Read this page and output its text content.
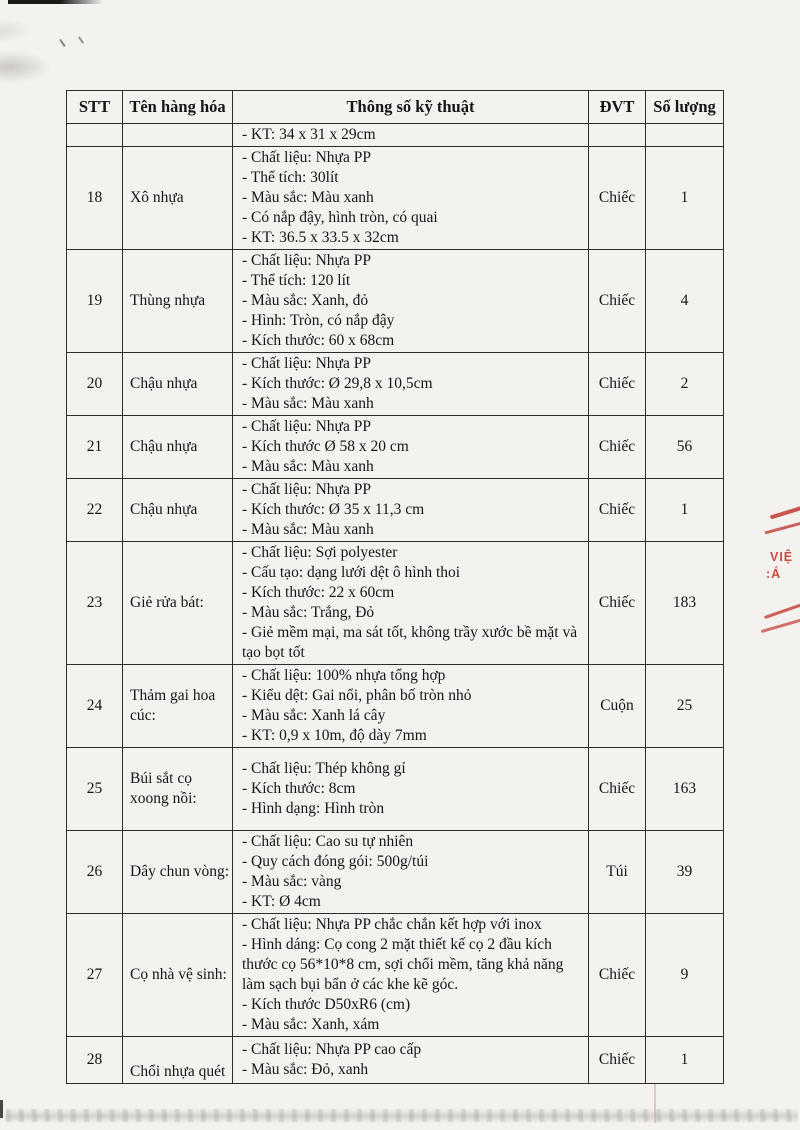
VIỆ
:Á
STT	Tên hàng hóa	Thông số kỹ thuật	ĐVT	Số lượng

		- KT: 34 x 31 x 29cm		

18	Xô nhựa	- Chất liệu: Nhựa PP
- Thể tích: 30lít
- Màu sắc: Màu xanh
- Có nắp đậy, hình tròn, có quai
- KT: 36.5 x 33.5 x 32cm	Chiếc	1
19	Thùng nhựa	- Chất liệu: Nhựa PP
- Thể tích: 120 lít
- Màu sắc: Xanh, đỏ
- Hình: Tròn, có nắp đậy
- Kích thước: 60 x 68cm	Chiếc	4
20	Chậu nhựa	- Chất liệu: Nhựa PP
- Kích thước: Ø 29,8 x 10,5cm
- Màu sắc: Màu xanh	Chiếc	2
21	Chậu nhựa	- Chất liệu: Nhựa PP
- Kích thước Ø 58 x 20 cm
- Màu sắc: Màu xanh	Chiếc	56
22	Chậu nhựa	- Chất liệu: Nhựa PP
- Kích thước: Ø 35 x 11,3 cm
- Màu sắc: Màu xanh	Chiếc	1
23	Giẻ rửa bát:	- Chất liệu: Sợi polyester
- Cấu tạo: dạng lưới dệt ô hình thoi
- Kích thước: 22 x 60cm
- Màu sắc: Trắng, Đỏ
- Giẻ mềm mại, ma sát tốt, không trầy xước bề mặt và tạo bọt tốt	Chiếc	183
24	Thảm gai hoa cúc:	- Chất liệu: 100% nhựa tổng hợp
- Kiểu dệt: Gai nổi, phân bố tròn nhỏ
- Màu sắc: Xanh lá cây
- KT: 0,9 x 10m, độ dày 7mm	Cuộn	25
25	Búi sắt cọ xoong nồi:	- Chất liệu: Thép không gỉ
- Kích thước: 8cm
- Hình dạng: Hình tròn	Chiếc	163
26	Dây chun vòng:	- Chất liệu: Cao su tự nhiên
- Quy cách đóng gói: 500g/túi
- Màu sắc: vàng
- KT: Ø 4cm	Túi	39
27	Cọ nhà vệ sinh:	- Chất liệu: Nhựa PP chắc chắn kết hợp với inox
- Hình dáng: Cọ cong 2 mặt thiết kế cọ 2 đầu kích thước cọ 56*10*8 cm, sợi chổi mềm, tăng khả năng làm sạch bụi bẩn ở các khe kẽ góc.
- Kích thước D50xR6 (cm)
- Màu sắc: Xanh, xám	Chiếc	9
28	Chổi nhựa quét	- Chất liệu: Nhựa PP cao cấp
- Màu sắc: Đỏ, xanh	Chiếc	1
